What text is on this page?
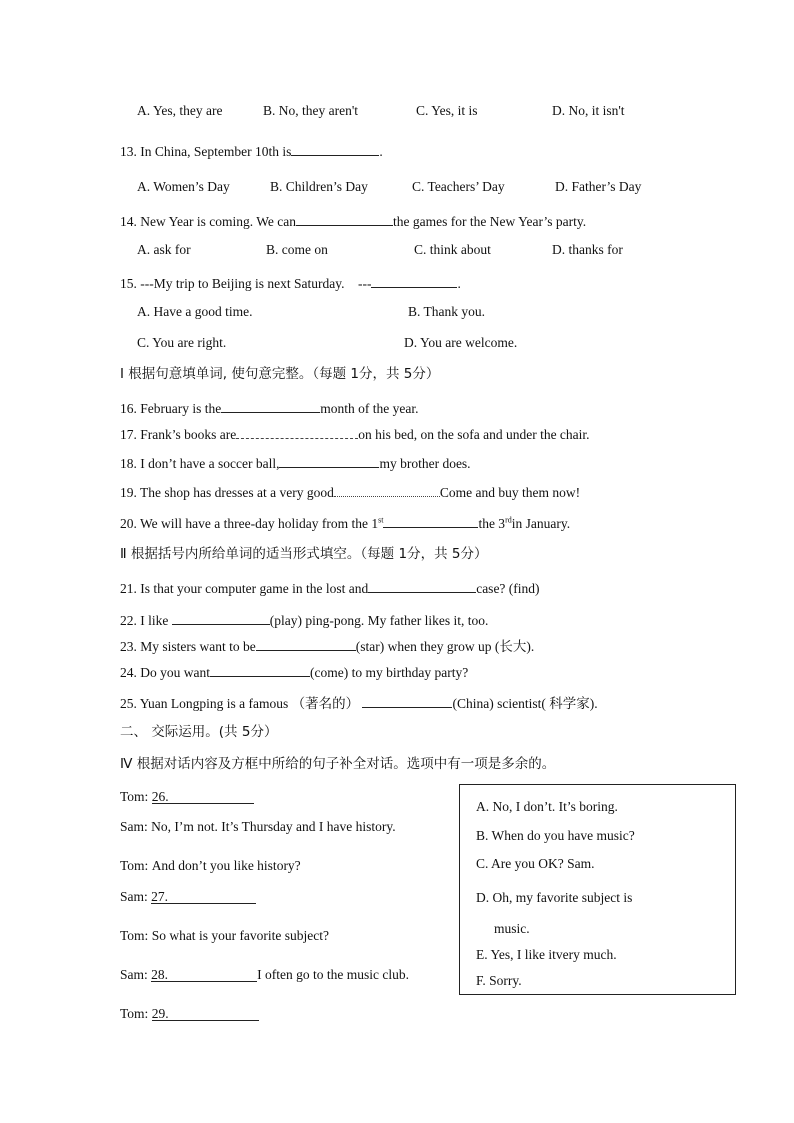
A. Yes, they are	B. No, they aren't	C. Yes, it is	D. No, it isn't
13. In China, September 10th is	.
A. Women’s Day	B. Children’s Day	C. Teachers’ Day	D. Father’s Day
14. New Year is coming. We can	the games for the New Year’s party.
A. ask for	B. come on	C. think about	D. thanks for
15. ---My trip to Beijing is next Saturday. ---	.
A. Have a good time.	B. Thank you.
C. You are right.	D. You are welcome.
Ⅰ 根据句意填单词, 使句意完整。（每题 1分，共 5分）
16. February is the	month of the year.
17. Frank’s books are	on his bed, on the sofa and under the chair.
18. I don’t have a soccer ball,	my brother does.
19. The shop has dresses at a very good	Come and buy them now!
20. We will have a three-day holiday from the 1st	the 3rdin January.
Ⅱ 根据括号内所给单词的适当形式填空。（每题 1分，共 5分）
21. Is that your computer game in the lost and	case? (find)
22. I like	(play) ping-pong. My father likes it, too.
23. My sisters want to be	(star) when they grow up (长大).
24. Do you want	(come) to my birthday party?
25. Yuan Longping is a famous （著名的）	(China) scientist( 科学家).
二、 交际运用。(共 5分）
Ⅳ 根据对话内容及方框中所给的句子补全对话。选项中有一项是多余的。
Tom: 26.
Sam: No, I’m not. It’s Thursday and I have history.
Tom: And don’t you like history?
Sam: 27.
Tom: So what is your favorite subject?
Sam: 28.	I often go to the music club.
Tom: 29.
A. No, I don’t. It’s boring.
B. When do you have music?
C. Are you OK? Sam.
D. Oh, my favorite subject is
music.
E. Yes, I like itvery much.
F. Sorry.
